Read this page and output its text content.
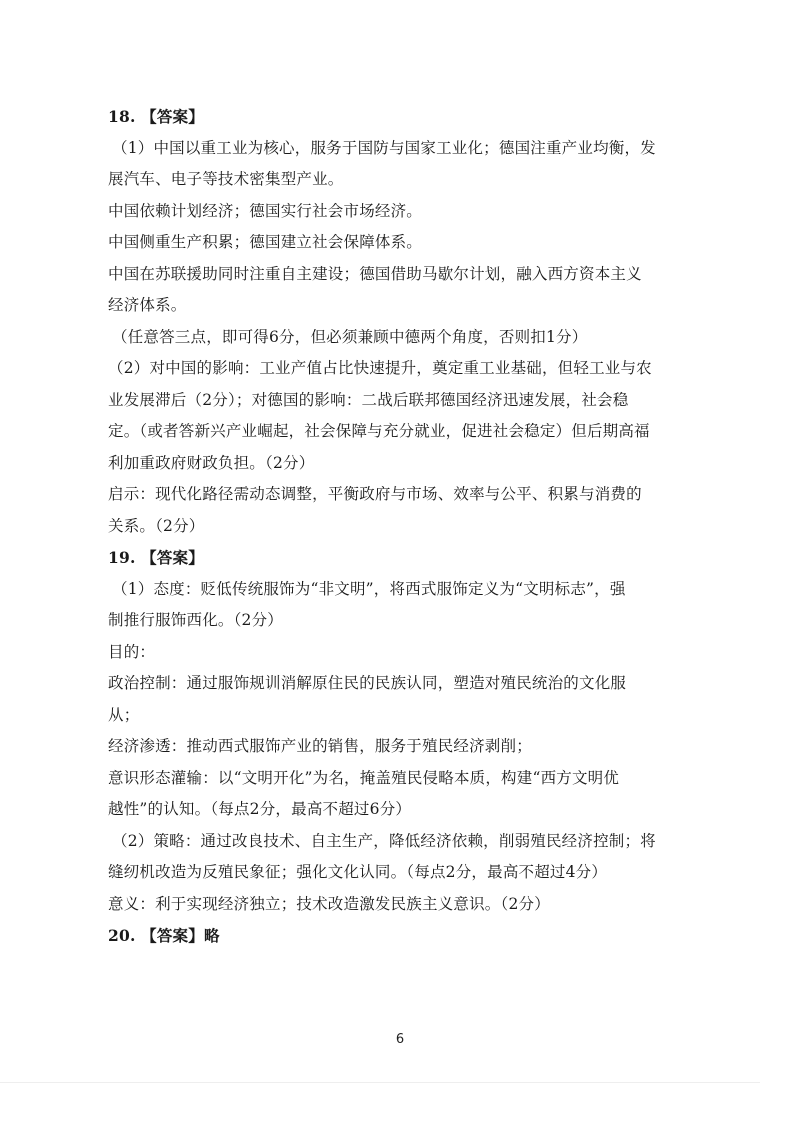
18. 【答案】
（1）中国以重工业为核心，服务于国防与国家工业化；德国注重产业均衡，发
展汽车、电子等技术密集型产业。
中国依赖计划经济；德国实行社会市场经济。
中国侧重生产积累；德国建立社会保障体系。
中国在苏联援助同时注重自主建设；德国借助马歇尔计划，融入西方资本主义
经济体系。
（任意答三点，即可得6分，但必须兼顾中德两个角度，否则扣1分）
（2）对中国的影响：工业产值占比快速提升，奠定重工业基础，但轻工业与农
业发展滞后（2分）；对德国的影响：二战后联邦德国经济迅速发展，社会稳
定。（或者答新兴产业崛起，社会保障与充分就业，促进社会稳定）但后期高福
利加重政府财政负担。（2分）
启示：现代化路径需动态调整，平衡政府与市场、效率与公平、积累与消费的
关系。（2分）
19. 【答案】
（1）态度：贬低传统服饰为“非文明”，将西式服饰定义为“文明标志”，强
制推行服饰西化。（2分）
目的：
政治控制：通过服饰规训消解原住民的民族认同，塑造对殖民统治的文化服
从；
经济渗透：推动西式服饰产业的销售，服务于殖民经济剥削；
意识形态灌输：以“文明开化”为名，掩盖殖民侵略本质，构建“西方文明优
越性”的认知。（每点2分，最高不超过6分）
（2）策略：通过改良技术、自主生产，降低经济依赖，削弱殖民经济控制；将
缝纫机改造为反殖民象征；强化文化认同。（每点2分，最高不超过4分）
意义：利于实现经济独立；技术改造激发民族主义意识。（2分）
20. 【答案】略
6
